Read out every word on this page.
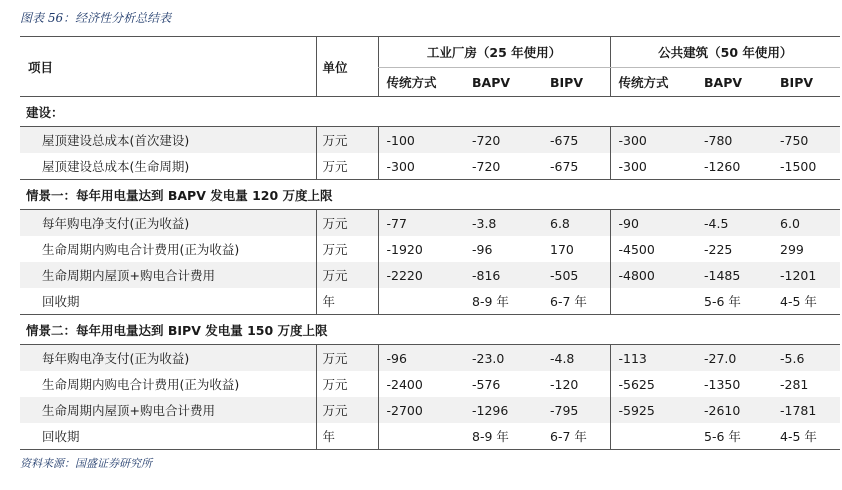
图表 56：经济性分析总结表
项目	单位	工业厂房（25 年使用）			公共建筑（50 年使用）		
		传统方式	BAPV	BIPV	传统方式	BAPV	BIPV
建设：							
屋顶建设总成本(首次建设)	万元	-100	-720	-675	-300	-780	-750
屋顶建设总成本(生命周期)	万元	-300	-720	-675	-300	-1260	-1500
情景一：每年用电量达到 BAPV 发电量 120 万度上限							
每年购电净支付(正为收益)	万元	-77	-3.8	6.8	-90	-4.5	6.0
生命周期内购电合计费用(正为收益)	万元	-1920	-96	170	-4500	-225	299
生命周期内屋顶+购电合计费用	万元	-2220	-816	-505	-4800	-1485	-1201
回收期	年		8-9 年	6-7 年		5-6 年	4-5 年
情景二：每年用电量达到 BIPV 发电量 150 万度上限							
每年购电净支付(正为收益)	万元	-96	-23.0	-4.8	-113	-27.0	-5.6
生命周期内购电合计费用(正为收益)	万元	-2400	-576	-120	-5625	-1350	-281
生命周期内屋顶+购电合计费用	万元	-2700	-1296	-795	-5925	-2610	-1781
回收期	年		8-9 年	6-7 年		5-6 年	4-5 年
资料来源：国盛证券研究所
